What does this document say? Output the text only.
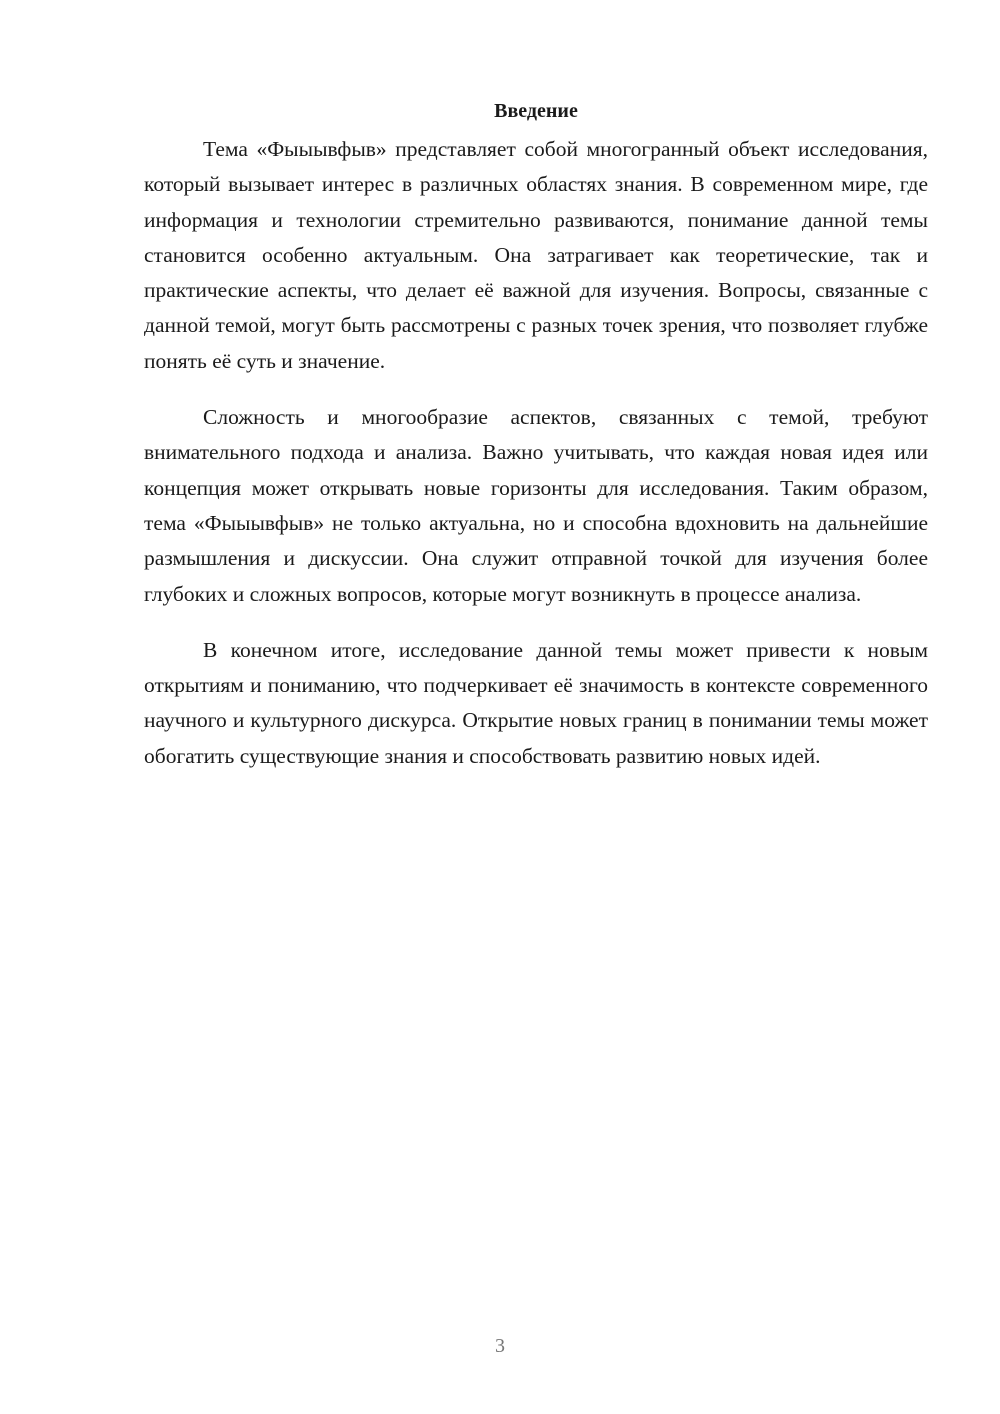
Введение

Тема «Фыыывфыв» представляет собой многогранный объект исследования, который вызывает интерес в различных областях знания. В современном мире, где информация и технологии стремительно развиваются, понимание данной темы становится особенно актуальным. Она затрагивает как теоретические, так и практические аспекты, что делает её важной для изучения. Вопросы, связанные с данной темой, могут быть рассмотрены с разных точек зрения, что позволяет глубже понять её суть и значение.

Сложность и многообразие аспектов, связанных с темой, требуют внимательного подхода и анализа. Важно учитывать, что каждая новая идея или концепция может открывать новые горизонты для исследования. Таким образом, тема «Фыыывфыв» не только актуальна, но и способна вдохновить на дальнейшие размышления и дискуссии. Она служит отправной точкой для изучения более глубоких и сложных вопросов, которые могут возникнуть в процессе анализа.

В конечном итоге, исследование данной темы может привести к новым открытиям и пониманию, что подчеркивает её значимость в контексте современного научного и культурного дискурса. Открытие новых границ в понимании темы может обогатить существующие знания и способствовать развитию новых идей.

3
